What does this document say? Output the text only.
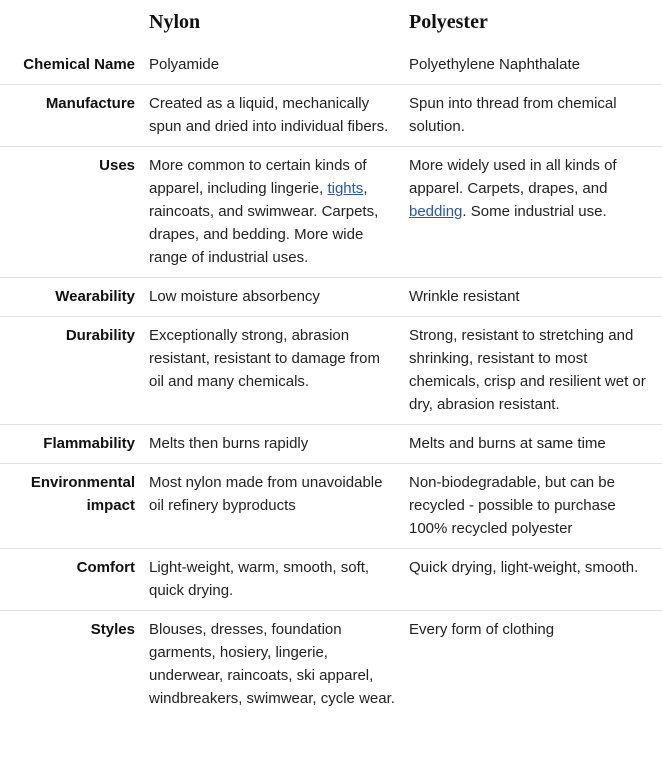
	Nylon	Polyester
Chemical Name	Polyamide	Polyethylene Naphthalate
Manufacture	Created as a liquid, mechanically spun and dried into individual fibers.	Spun into thread from chemical solution.
Uses	More common to certain kinds of apparel, including lingerie, tights, raincoats, and swimwear. Carpets, drapes, and bedding. More wide range of industrial uses.	More widely used in all kinds of apparel. Carpets, drapes, and bedding. Some industrial use.
Wearability	Low moisture absorbency	Wrinkle resistant
Durability	Exceptionally strong, abrasion resistant, resistant to damage from oil and many chemicals.	Strong, resistant to stretching and shrinking, resistant to most chemicals, crisp and resilient wet or dry, abrasion resistant.
Flammability	Melts then burns rapidly	Melts and burns at same time
Environmental impact	Most nylon made from unavoidable oil refinery byproducts	Non-biodegradable, but can be recycled - possible to purchase 100% recycled polyester
Comfort	Light-weight, warm, smooth, soft, quick drying.	Quick drying, light-weight, smooth.
Styles	Blouses, dresses, foundation garments, hosiery, lingerie, underwear, raincoats, ski apparel, windbreakers, swimwear, cycle wear.	Every form of clothing
